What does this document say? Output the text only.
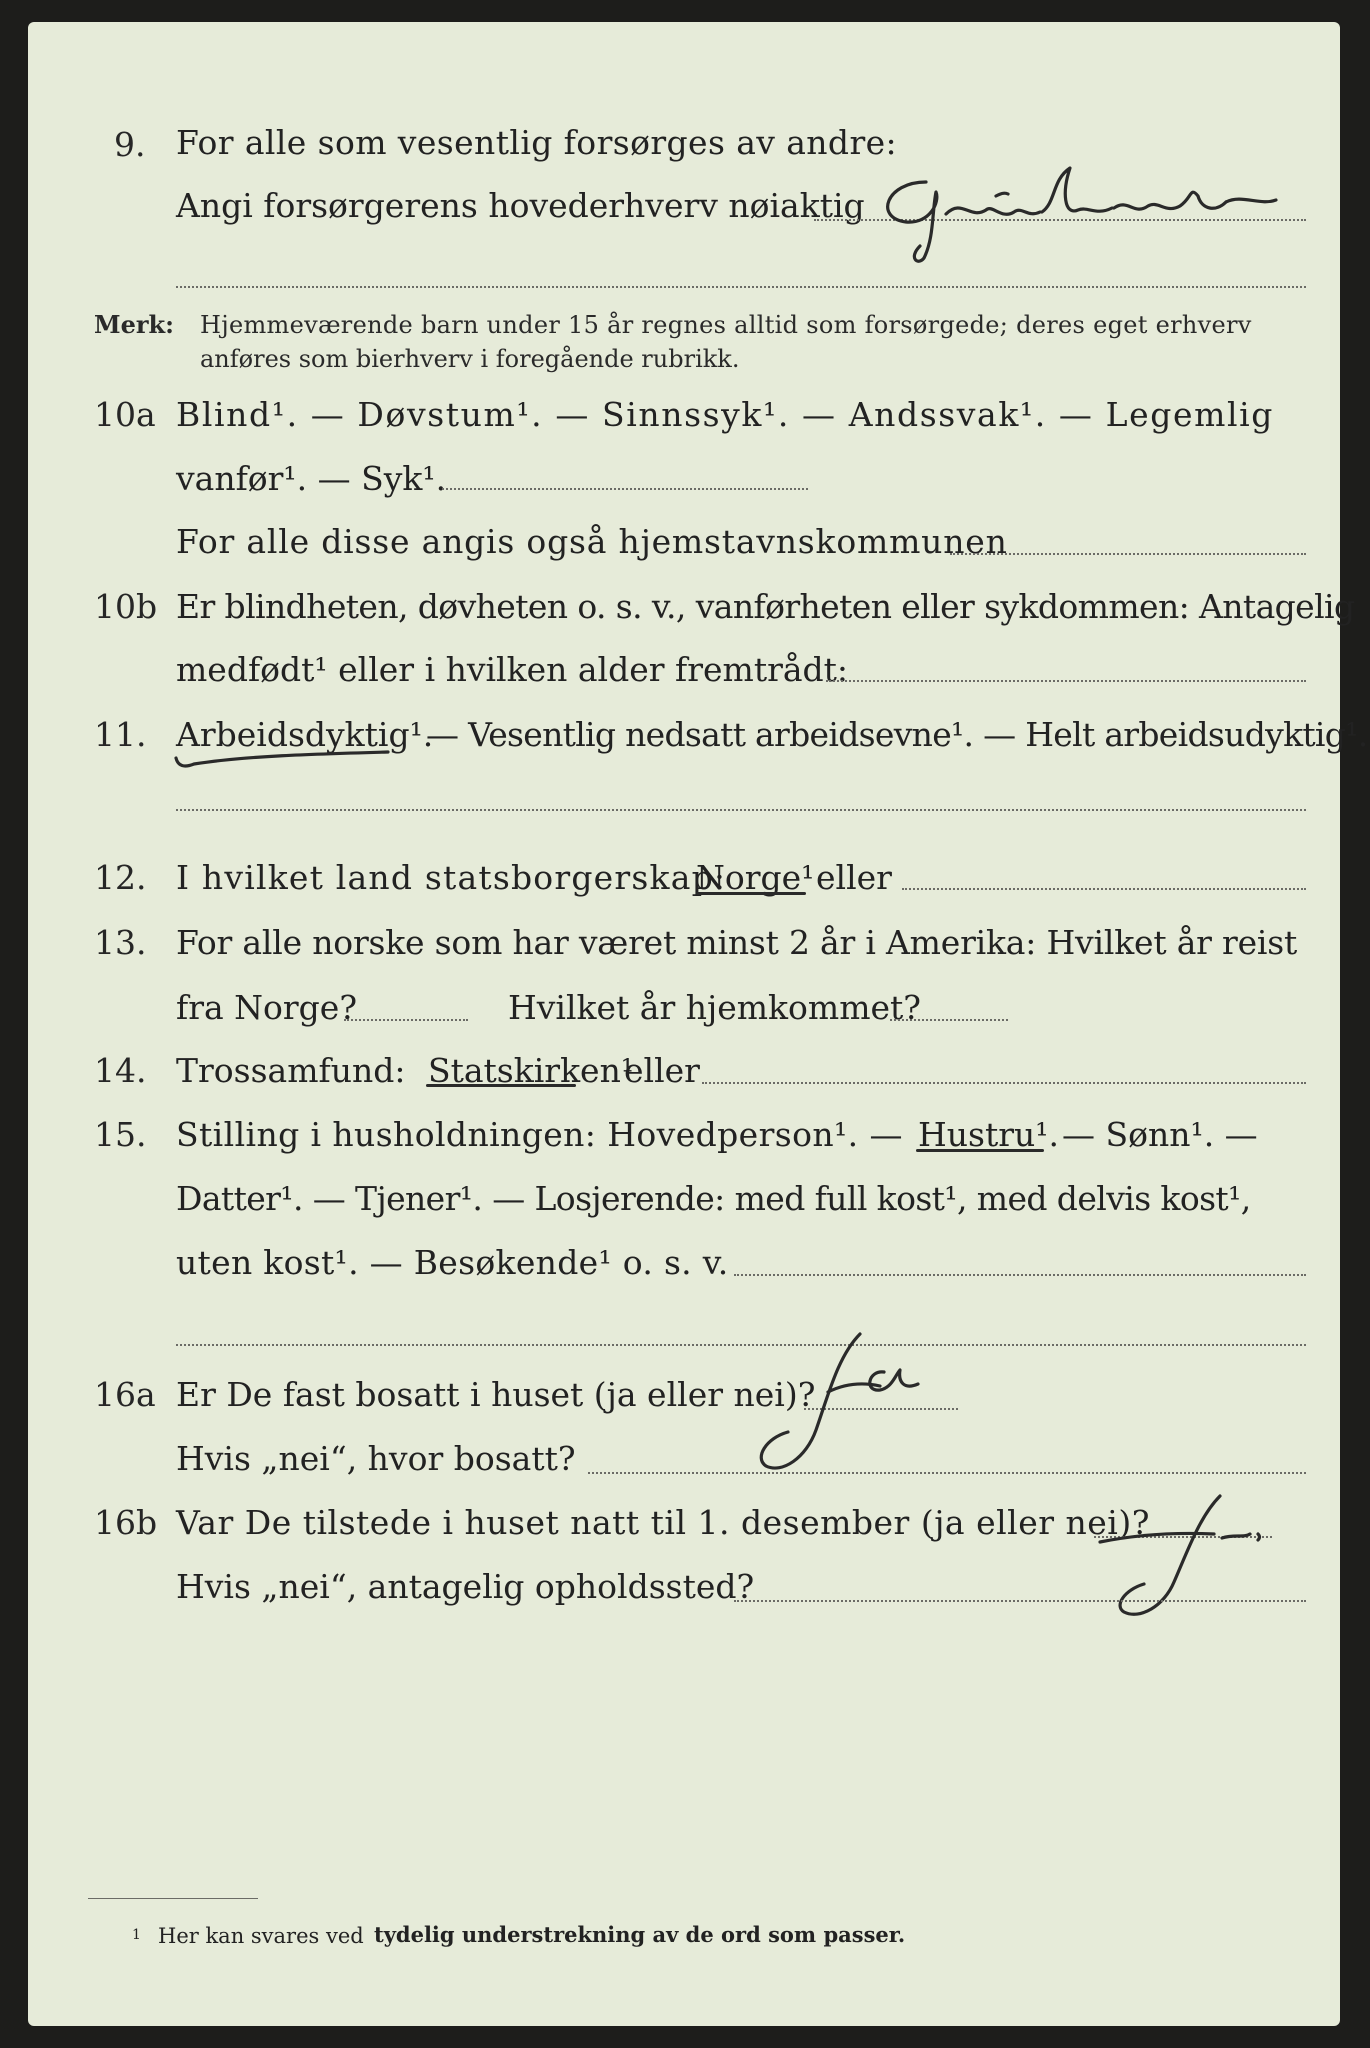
9. For alle som vesentlig forsørges av andre:
Angi forsørgerens hovederhverv nøiaktig
Merk: Hjemmeværende barn under 15 år regnes alltid som forsørgede; deres eget erhverv
anføres som bierhverv i foregående rubrikk.
10a Blind¹. — Døvstum¹. — Sinnssyk¹. — Andssvak¹. — Legemlig
vanfør¹. — Syk¹.
For alle disse angis også hjemstavnskommunen
10b Er blindheten, døvheten o. s. v., vanførheten eller sykdommen: Antagelig
medfødt¹ eller i hvilken alder fremtrådt:
11. Arbeidsdyktig¹.
— Vesentlig nedsatt arbeidsevne¹. — Helt arbeidsudyktig¹.
12. I hvilket land statsborgerskap:
Norge¹ eller
13. For alle norske som har været minst 2 år i Amerika: Hvilket år reist
fra Norge?	Hvilket år hjemkommet?
14. Trossamfund: Statskirken¹
eller
15. Stilling i husholdningen: Hovedperson¹. — Hustru¹. — Sønn¹. —
Datter¹. — Tjener¹. — Losjerende: med full kost¹, med delvis kost¹,
uten kost¹. — Besøkende¹ o. s. v.
16a Er De fast bosatt i huset (ja eller nei)?
Hvis „nei“, hvor bosatt?
16b Var De tilstede i huset natt til 1. desember (ja eller nei)?
Hvis „nei“, antagelig opholdssted?
1 Her kan svares ved tydelig understrekning av de ord som passer.
